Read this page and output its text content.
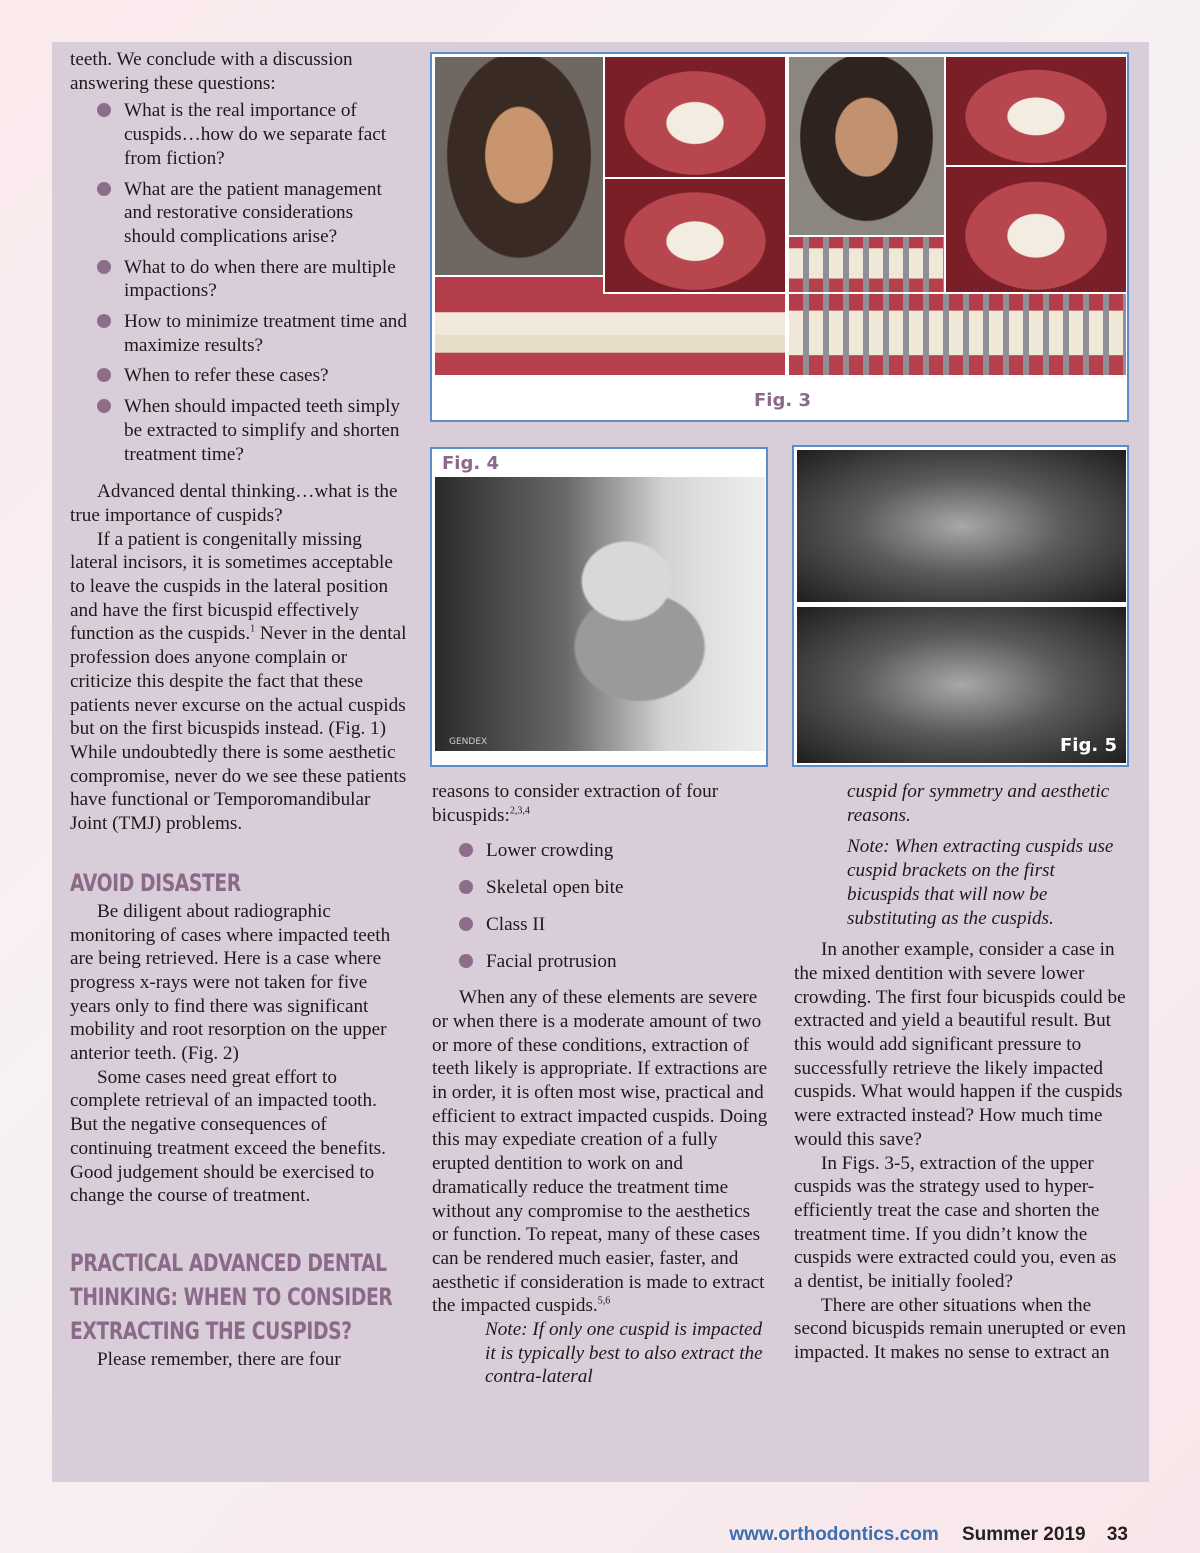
teeth. We conclude with a discussion answering these questions:

What is the real importance of cuspids…how do we separate fact from fiction?
What are the patient management and restorative considerations should complications arise?
What to do when there are multiple impactions?
How to minimize treatment time and maximize results?
When to refer these cases?
When should impacted teeth simply be extracted to simplify and shorten treatment time?

Advanced dental thinking…what is the true importance of cuspids?

If a patient is congenitally missing lateral incisors, it is sometimes acceptable to leave the cuspids in the lateral position and have the first bicuspid effectively function as the cuspids.$^1$ Never in the dental profession does anyone complain or criticize this despite the fact that these patients never excurse on the actual cuspids but on the first bicuspids instead. (Fig. 1) While undoubtedly there is some aesthetic compromise, never do we see these patients have functional or Temporomandibular Joint (TMJ) problems.

AVOID DISASTER

Be diligent about radiographic monitoring of cases where impacted teeth are being retrieved. Here is a case where progress x-rays were not taken for five years only to find there was significant mobility and root resorption on the upper anterior teeth. (Fig. 2)

Some cases need great effort to complete retrieval of an impacted tooth. But the negative consequences of continuing treatment exceed the benefits. Good judgement should be exercised to change the course of treatment.

PRACTICAL ADVANCED DENTAL
THINKING: WHEN TO CONSIDER
EXTRACTING THE CUSPIDS?

Please remember, there are four

Fig. 3
Fig. 4
GENDEX	Fig. 5

reasons to consider extraction of four bicuspids:$^{2,3,4}$

Lower crowding
Skeletal open bite
Class II
Facial protrusion

When any of these elements are severe or when there is a moderate amount of two or more of these conditions, extraction of teeth likely is appropriate. If extractions are in order, it is often most wise, practical and efficient to extract impacted cuspids. Doing this may expediate creation of a fully erupted dentition to work on and dramatically reduce the treatment time without any compromise to the aesthetics or function. To repeat, many of these cases can be rendered much easier, faster, and aesthetic if consideration is made to extract the impacted cuspids.$^{5,6}$

Note: If only one cuspid is impacted it is typically best to also extract the contra-lateral

cuspid for symmetry and aesthetic reasons.

Note: When extracting cuspids use cuspid brackets on the first bicuspids that will now be substituting as the cuspids.

In another example, consider a case in the mixed dentition with severe lower crowding. The first four bicuspids could be extracted and yield a beautiful result. But this would add significant pressure to successfully retrieve the likely impacted cuspids. What would happen if the cuspids were extracted instead? How much time would this save?

In Figs. 3-5, extraction of the upper cuspids was the strategy used to hyper-efficiently treat the case and shorten the treatment time. If you didn’t know the cuspids were extracted could you, even as a dentist, be initially fooled?

There are other situations when the second bicuspids remain unerupted or even impacted. It makes no sense to extract an

www.orthodontics.com Summer 2019 33
